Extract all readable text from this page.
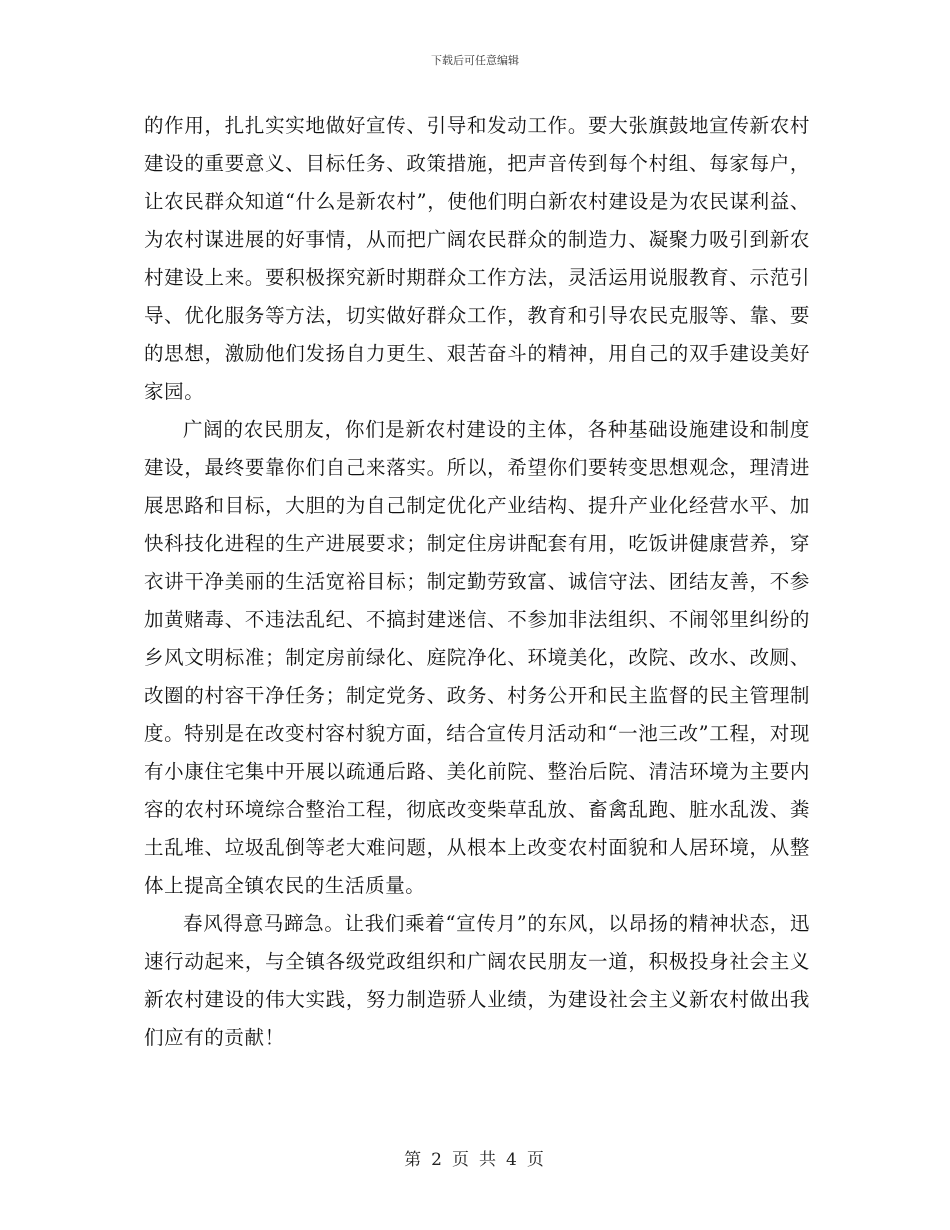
下载后可任意编辑

的作用，扎扎实实地做好宣传、引导和发动工作。要大张旗鼓地宣传新农村建设的重要意义、目标任务、政策措施，把声音传到每个村组、每家每户，让农民群众知道“什么是新农村”，使他们明白新农村建设是为农民谋利益、为农村谋进展的好事情，从而把广阔农民群众的制造力、凝聚力吸引到新农村建设上来。要积极探究新时期群众工作方法，灵活运用说服教育、示范引导、优化服务等方法，切实做好群众工作，教育和引导农民克服等、靠、要的思想，激励他们发扬自力更生、艰苦奋斗的精神，用自己的双手建设美好家园。

广阔的农民朋友，你们是新农村建设的主体，各种基础设施建设和制度建设，最终要靠你们自己来落实。所以，希望你们要转变思想观念，理清进展思路和目标，大胆的为自己制定优化产业结构、提升产业化经营水平、加快科技化进程的生产进展要求；制定住房讲配套有用，吃饭讲健康营养，穿衣讲干净美丽的生活宽裕目标；制定勤劳致富、诚信守法、团结友善，不参加黄赌毒、不违法乱纪、不搞封建迷信、不参加非法组织、不闹邻里纠纷的乡风文明标准；制定房前绿化、庭院净化、环境美化，改院、改水、改厕、改圈的村容干净任务；制定党务、政务、村务公开和民主监督的民主管理制度。特别是在改变村容村貌方面，结合宣传月活动和“一池三改”工程，对现有小康住宅集中开展以疏通后路、美化前院、整治后院、清洁环境为主要内容的农村环境综合整治工程，彻底改变柴草乱放、畜禽乱跑、脏水乱泼、粪土乱堆、垃圾乱倒等老大难问题，从根本上改变农村面貌和人居环境，从整体上提高全镇农民的生活质量。

春风得意马蹄急。让我们乘着“宣传月”的东风，以昂扬的精神状态，迅速行动起来，与全镇各级党政组织和广阔农民朋友一道，积极投身社会主义新农村建设的伟大实践，努力制造骄人业绩，为建设社会主义新农村做出我们应有的贡献！

第 2 页 共 4 页
